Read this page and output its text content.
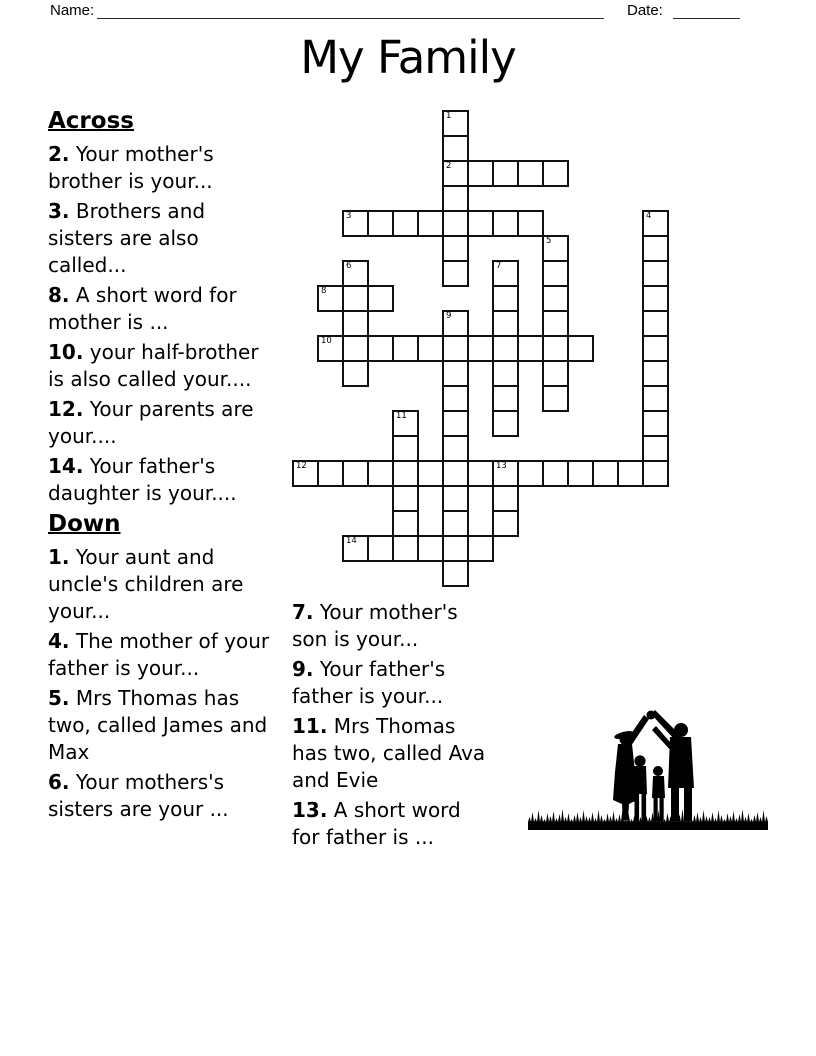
Name:	Date:
My Family
1
2
3	4
5
6	7
8
9
10
11
12	13
14
Across

2. Your mother's brother is your...

3. Brothers and sisters are also called...

8. A short word for mother is ...

10. your half-brother is also called your....

12. Your parents are your....

14. Your father's daughter is your....

Down

1. Your aunt and uncle's children are your...

4. The mother of your father is your...

5. Mrs Thomas has two, called James and Max

6. Your mothers's sisters are your ...

7. Your mother's son is your...

9. Your father's father is your...

11. Mrs Thomas has two, called Ava and Evie

13. A short word for father is ...
